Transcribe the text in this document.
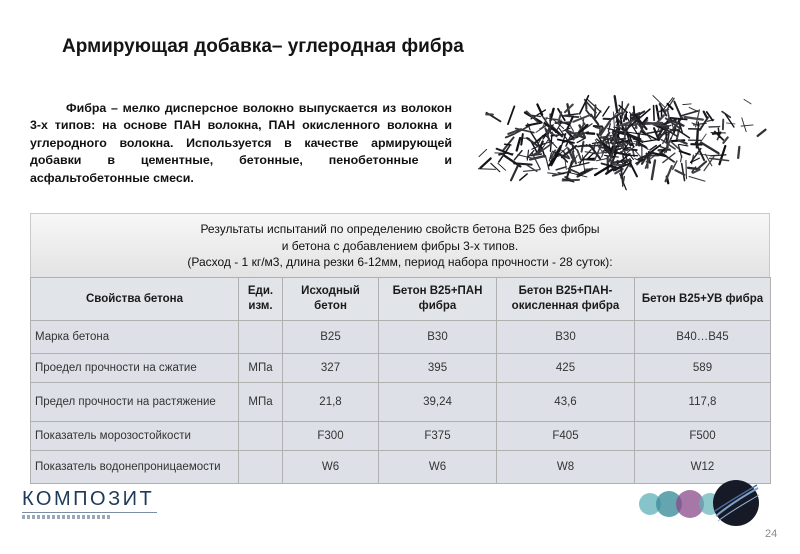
Армирующая добавка– углеродная фибра
Фибра – мелко дисперсное волокно выпускается из волокон 3-х типов: на основе ПАН волокна, ПАН окисленного волокна и углеродного волокна. Используется в качестве армирующей добавки в цементные, бетонные, пенобетонные и асфальтобетонные смеси.
Результаты испытаний по определению свойств бетона В25 без фибры
и бетона с добавлением фибры 3-х типов.
(Расход - 1 кг/м3, длина резки 6-12мм, период набора прочности - 28 суток):
Свойства бетона	Еди. изм.	Исходный бетон	Бетон В25+ПАН фибра	Бетон В25+ПАН-окисленная фибра	Бетон В25+УВ фибра
Марка бетона		В25	В30	В30	В40…В45
Проедел прочности на сжатие	МПа	327	395	425	589
Предел прочности на растяжение	МПа	21,8	39,24	43,6	117,8
Показатель морозостойкости		F300	F375	F405	F500
Показатель водонепроницаемости		W6	W6	W8	W12
КОМПОЗИТ
24
